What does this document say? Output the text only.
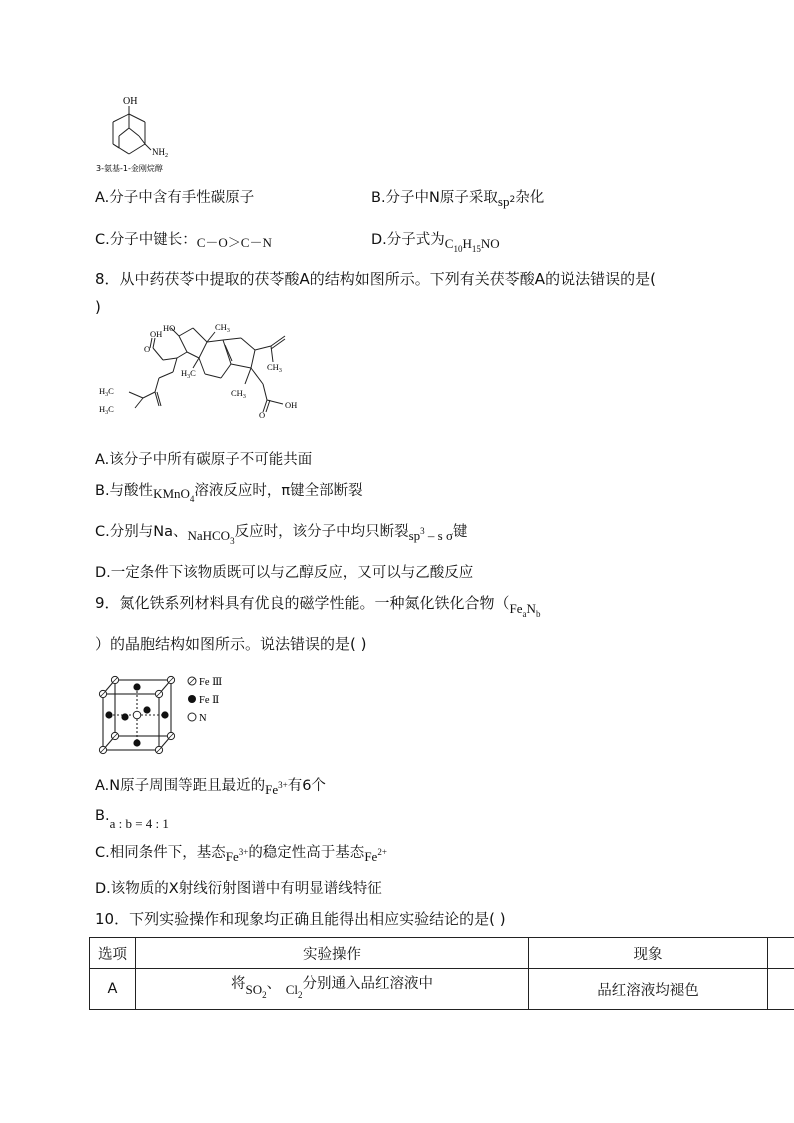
OH
$NH_2$
3-氨基-1-金刚烷醇
A.分子中含有手性碳原子	B.分子中N原子采取sp2杂化
C.分子中键长：C－O＞C－N	D.分子式为$C_{10}H_{15}NO$
8．从中药茯苓中提取的茯苓酸A的结构如图所示。下列有关茯苓酸A的说法错误的是(
)
HO
OH
O
$CH_3$
$H_3C$
$H_3C$
$H_3C$
$CH_3$
$CH_3$
OH
O
A.该分子中所有碳原子不可能共面
B.与酸性KMnO$_4$溶液反应时，π键全部断裂
C.分别与Na、NaHCO$_3$反应时，该分子中均只断裂$sp^3$ – s σ键
D.一定条件下该物质既可以与乙醇反应，又可以与乙酸反应
9．氮化铁系列材料具有优良的磁学性能。一种氮化铁化合物（$Fe_aN_b$
）的晶胞结构如图所示。说法错误的是( )
Fe Ⅲ
Fe Ⅱ
N
A.N原子周围等距且最近的$Fe^{3+}$有6个
B.a : b = 4 : 1
C.相同条件下，基态$Fe^{3+}$的稳定性高于基态$Fe^{2+}$
D.该物质的X射线衍射图谱中有明显谱线特征
10．下列实验操作和现象均正确且能得出相应实验结论的是( )
选项	实验操作	现象	
A	将$SO_2$、 $Cl_2$分别通入品红溶液中	品红溶液均褪色	
